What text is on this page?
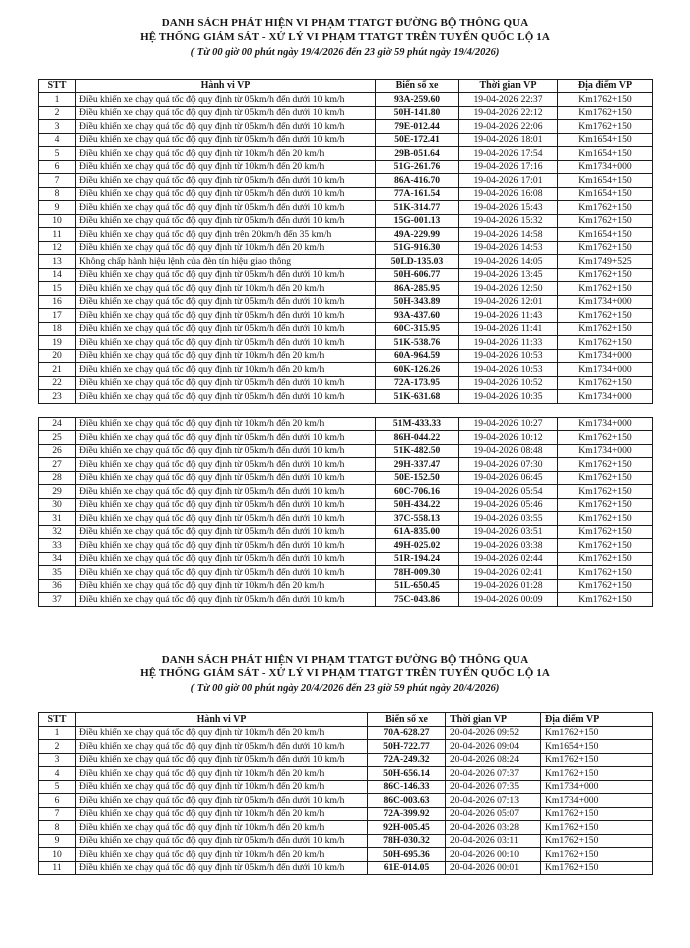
DANH SÁCH PHÁT HIỆN VI PHẠM TTATGT ĐƯỜNG BỘ THÔNG QUA
HỆ THỐNG GIÁM SÁT - XỬ LÝ VI PHẠM TTATGT TRÊN TUYẾN QUỐC LỘ 1A
( Từ 00 giờ 00 phút ngày 19/4/2026 đến 23 giờ 59 phút ngày 19/4/2026)
STT	Hành vi VP	Biển số xe	Thời gian VP	Địa điểm VP
1	Điều khiển xe chạy quá tốc độ quy định từ 05km/h đến dưới 10 km/h	93A-259.60	19-04-2026 22:37	Km1762+150
2	Điều khiển xe chạy quá tốc độ quy định từ 05km/h đến dưới 10 km/h	50H-141.80	19-04-2026 22:12	Km1762+150
3	Điều khiển xe chạy quá tốc độ quy định từ 05km/h đến dưới 10 km/h	79E-012.44	19-04-2026 22:06	Km1762+150
4	Điều khiển xe chạy quá tốc độ quy định từ 05km/h đến dưới 10 km/h	50E-172.41	19-04-2026 18:01	Km1654+150
5	Điều khiển xe chạy quá tốc độ quy định từ 10km/h đến 20 km/h	29B-051.64	19-04-2026 17:54	Km1654+150
6	Điều khiển xe chạy quá tốc độ quy định từ 10km/h đến 20 km/h	51G-261.76	19-04-2026 17:16	Km1734+000
7	Điều khiển xe chạy quá tốc độ quy định từ 05km/h đến dưới 10 km/h	86A-416.70	19-04-2026 17:01	Km1654+150
8	Điều khiển xe chạy quá tốc độ quy định từ 05km/h đến dưới 10 km/h	77A-161.54	19-04-2026 16:08	Km1654+150
9	Điều khiển xe chạy quá tốc độ quy định từ 05km/h đến dưới 10 km/h	51K-314.77	19-04-2026 15:43	Km1762+150
10	Điều khiển xe chạy quá tốc độ quy định từ 05km/h đến dưới 10 km/h	15G-001.13	19-04-2026 15:32	Km1762+150
11	Điều khiển xe chạy quá tốc độ quy định trên 20km/h đến 35 km/h	49A-229.99	19-04-2026 14:58	Km1654+150
12	Điều khiển xe chạy quá tốc độ quy định từ 10km/h đến 20 km/h	51G-916.30	19-04-2026 14:53	Km1762+150
13	Không chấp hành hiệu lệnh của đèn tín hiệu giao thông	50LD-135.03	19-04-2026 14:05	Km1749+525
14	Điều khiển xe chạy quá tốc độ quy định từ 05km/h đến dưới 10 km/h	50H-606.77	19-04-2026 13:45	Km1762+150
15	Điều khiển xe chạy quá tốc độ quy định từ 10km/h đến 20 km/h	86A-285.95	19-04-2026 12:50	Km1762+150
16	Điều khiển xe chạy quá tốc độ quy định từ 05km/h đến dưới 10 km/h	50H-343.89	19-04-2026 12:01	Km1734+000
17	Điều khiển xe chạy quá tốc độ quy định từ 05km/h đến dưới 10 km/h	93A-437.60	19-04-2026 11:43	Km1762+150
18	Điều khiển xe chạy quá tốc độ quy định từ 05km/h đến dưới 10 km/h	60C-315.95	19-04-2026 11:41	Km1762+150
19	Điều khiển xe chạy quá tốc độ quy định từ 05km/h đến dưới 10 km/h	51K-538.76	19-04-2026 11:33	Km1762+150
20	Điều khiển xe chạy quá tốc độ quy định từ 10km/h đến 20 km/h	60A-964.59	19-04-2026 10:53	Km1734+000
21	Điều khiển xe chạy quá tốc độ quy định từ 10km/h đến 20 km/h	60K-126.26	19-04-2026 10:53	Km1734+000
22	Điều khiển xe chạy quá tốc độ quy định từ 05km/h đến dưới 10 km/h	72A-173.95	19-04-2026 10:52	Km1762+150
23	Điều khiển xe chạy quá tốc độ quy định từ 05km/h đến dưới 10 km/h	51K-631.68	19-04-2026 10:35	Km1734+000
24	Điều khiển xe chạy quá tốc độ quy định từ 10km/h đến 20 km/h	51M-433.33	19-04-2026 10:27	Km1734+000
25	Điều khiển xe chạy quá tốc độ quy định từ 05km/h đến dưới 10 km/h	86H-044.22	19-04-2026 10:12	Km1762+150
26	Điều khiển xe chạy quá tốc độ quy định từ 05km/h đến dưới 10 km/h	51K-482.50	19-04-2026 08:48	Km1734+000
27	Điều khiển xe chạy quá tốc độ quy định từ 05km/h đến dưới 10 km/h	29H-337.47	19-04-2026 07:30	Km1762+150
28	Điều khiển xe chạy quá tốc độ quy định từ 05km/h đến dưới 10 km/h	50E-152.50	19-04-2026 06:45	Km1762+150
29	Điều khiển xe chạy quá tốc độ quy định từ 05km/h đến dưới 10 km/h	60C-706.16	19-04-2026 05:54	Km1762+150
30	Điều khiển xe chạy quá tốc độ quy định từ 05km/h đến dưới 10 km/h	50H-434.22	19-04-2026 05:46	Km1762+150
31	Điều khiển xe chạy quá tốc độ quy định từ 05km/h đến dưới 10 km/h	37C-558.13	19-04-2026 03:55	Km1762+150
32	Điều khiển xe chạy quá tốc độ quy định từ 05km/h đến dưới 10 km/h	61A-835.00	19-04-2026 03:51	Km1762+150
33	Điều khiển xe chạy quá tốc độ quy định từ 05km/h đến dưới 10 km/h	49H-025.02	19-04-2026 03:38	Km1762+150
34	Điều khiển xe chạy quá tốc độ quy định từ 05km/h đến dưới 10 km/h	51R-194.24	19-04-2026 02:44	Km1762+150
35	Điều khiển xe chạy quá tốc độ quy định từ 05km/h đến dưới 10 km/h	78H-009.30	19-04-2026 02:41	Km1762+150
36	Điều khiển xe chạy quá tốc độ quy định từ 10km/h đến 20 km/h	51L-650.45	19-04-2026 01:28	Km1762+150
37	Điều khiển xe chạy quá tốc độ quy định từ 05km/h đến dưới 10 km/h	75C-043.86	19-04-2026 00:09	Km1762+150
DANH SÁCH PHÁT HIỆN VI PHẠM TTATGT ĐƯỜNG BỘ THÔNG QUA
HỆ THỐNG GIÁM SÁT - XỬ LÝ VI PHẠM TTATGT TRÊN TUYẾN QUỐC LỘ 1A
( Từ 00 giờ 00 phút ngày 20/4/2026 đến 23 giờ 59 phút ngày 20/4/2026)
STT	Hành vi VP	Biển số xe	Thời gian VP	Địa điểm VP
1	Điều khiển xe chạy quá tốc độ quy định từ 10km/h đến 20 km/h	70A-628.27	20-04-2026 09:52	Km1762+150
2	Điều khiển xe chạy quá tốc độ quy định từ 05km/h đến dưới 10 km/h	50H-722.77	20-04-2026 09:04	Km1654+150
3	Điều khiển xe chạy quá tốc độ quy định từ 05km/h đến dưới 10 km/h	72A-249.32	20-04-2026 08:24	Km1762+150
4	Điều khiển xe chạy quá tốc độ quy định từ 10km/h đến 20 km/h	50H-656.14	20-04-2026 07:37	Km1762+150
5	Điều khiển xe chạy quá tốc độ quy định từ 10km/h đến 20 km/h	86C-146.33	20-04-2026 07:35	Km1734+000
6	Điều khiển xe chạy quá tốc độ quy định từ 05km/h đến dưới 10 km/h	86C-003.63	20-04-2026 07:13	Km1734+000
7	Điều khiển xe chạy quá tốc độ quy định từ 10km/h đến 20 km/h	72A-399.92	20-04-2026 05:07	Km1762+150
8	Điều khiển xe chạy quá tốc độ quy định từ 10km/h đến 20 km/h	92H-005.45	20-04-2026 03:28	Km1762+150
9	Điều khiển xe chạy quá tốc độ quy định từ 05km/h đến dưới 10 km/h	78H-030.32	20-04-2026 03:11	Km1762+150
10	Điều khiển xe chạy quá tốc độ quy định từ 10km/h đến 20 km/h	50H-695.36	20-04-2026 00:10	Km1762+150
11	Điều khiển xe chạy quá tốc độ quy định từ 05km/h đến dưới 10 km/h	61E-014.05	20-04-2026 00:01	Km1762+150
